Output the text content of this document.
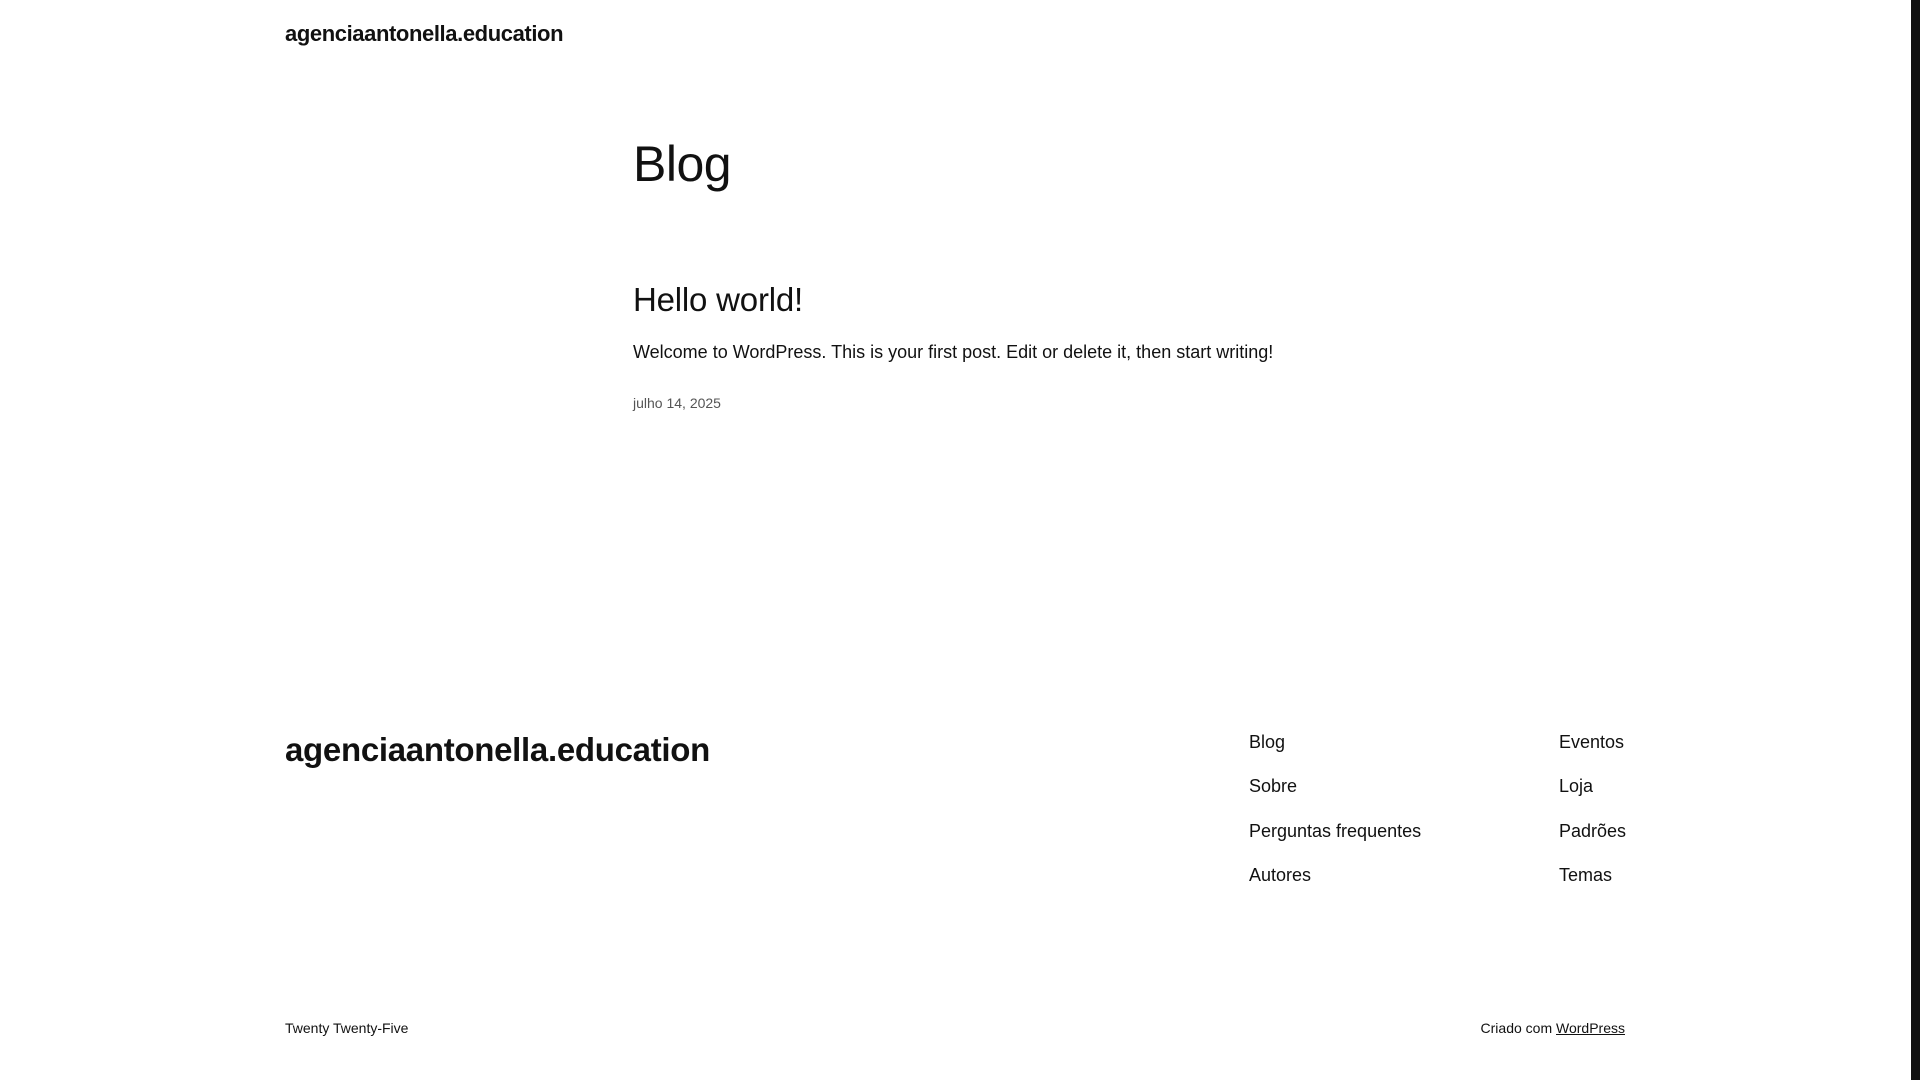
agenciaantonella.education
Blog
Hello world!

Welcome to WordPress. This is your first post. Edit or delete it, then start writing!

julho 14, 2025
agenciaantonella.education	Blog
Sobre
Perguntas frequentes
Autores
Eventos
Loja
Padrões
Temas
Twenty Twenty-Five	Criado com WordPress
